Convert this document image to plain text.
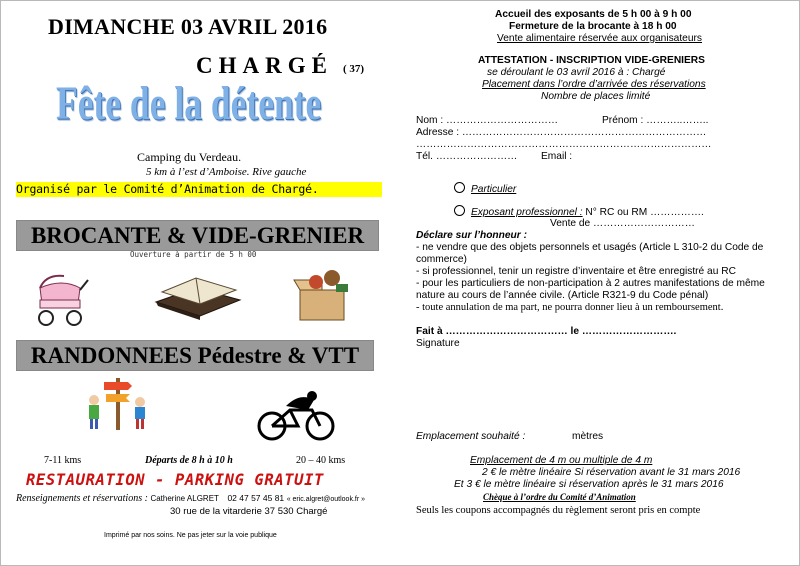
DIMANCHE 03 AVRIL 2016
CHARGÉ ( 37)
Fête de la détente
Camping du Verdeau.
5 km à l’est d’Amboise. Rive gauche
Organisé par le Comité d’Animation de Chargé.
BROCANTE & VIDE-GRENIER
Ouverture à partir de 5 h 00
RANDONNEES Pédestre & VTT
7-11 kms	Départs de 8 h à 10 h	20 – 40 kms
RESTAURATION - PARKING GRATUIT
Renseignements et réservations : Catherine ALGRET 02 47 57 45 81 « eric.algret@outlook.fr »
30 rue de la vitarderie 37 530 Chargé
Imprimé par nos soins. Ne pas jeter sur la voie publique
Accueil des exposants de 5 h 00 à 9 h 00
Fermeture de la brocante à 18 h 00
Vente alimentaire réservée aux organisateurs
ATTESTATION - INSCRIPTION VIDE-GRENIERS
se déroulant le 03 avril 2016 à : Chargé
Placement dans l’ordre d’arrivée des réservations
Nombre de places limité
Nom : ……………………………	Prénom : ………..……..
Adresse : ………………………………………………………………
……………………………………………………………………………
Tél. …………………… Email :
Particulier
Exposant professionnel : N° RC ou RM …………….
Vente de …………………………
Déclare sur l’honneur :
- ne vendre que des objets personnels et usagés (Article L 310-2 du Code de
commerce)
- si professionnel, tenir un registre d’inventaire et être enregistré au RC
- pour les particuliers de non-participation à 2 autres manifestations de même
nature au cours de l’année civile. (Article R321-9 du Code pénal)
- toute annulation de ma part, ne pourra donner lieu à un remboursement.
Fait à ……………………………… le ……………………….
Signature
Emplacement souhaité :	mètres
Emplacement de 4 m ou multiple de 4 m
2 € le mètre linéaire Si réservation avant le 31 mars 2016
Et 3 € le mètre linéaire si réservation après le 31 mars 2016
Chèque à l’ordre du Comité d’Animation
Seuls les coupons accompagnés du règlement seront pris en compte
